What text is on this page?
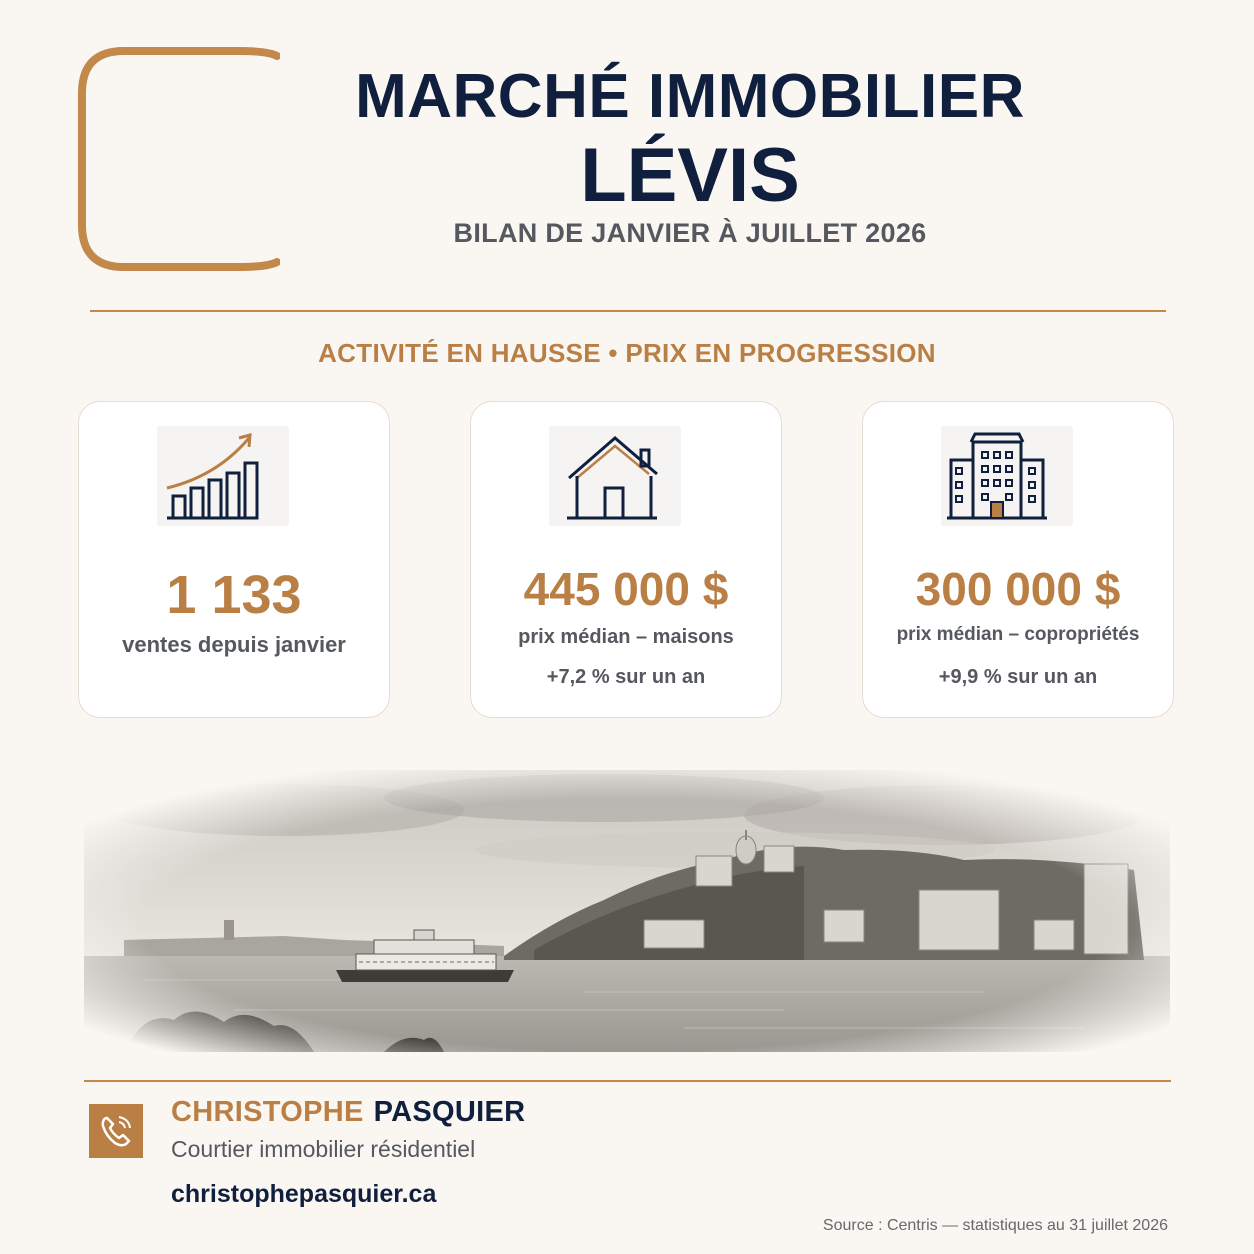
MARCHÉ IMMOBILIER
LÉVIS
BILAN DE JANVIER À JUILLET 2026
ACTIVITÉ EN HAUSSE • PRIX EN PROGRESSION
1 133
ventes depuis janvier
445 000 $
prix médian – maisons
+7,2 % sur un an
300 000 $
prix médian – copropriétés
+9,9 % sur un an
CHRISTOPHE PASQUIER
Courtier immobilier résidentiel
christophepasquier.ca
Source : Centris — statistiques au 31 juillet 2026
